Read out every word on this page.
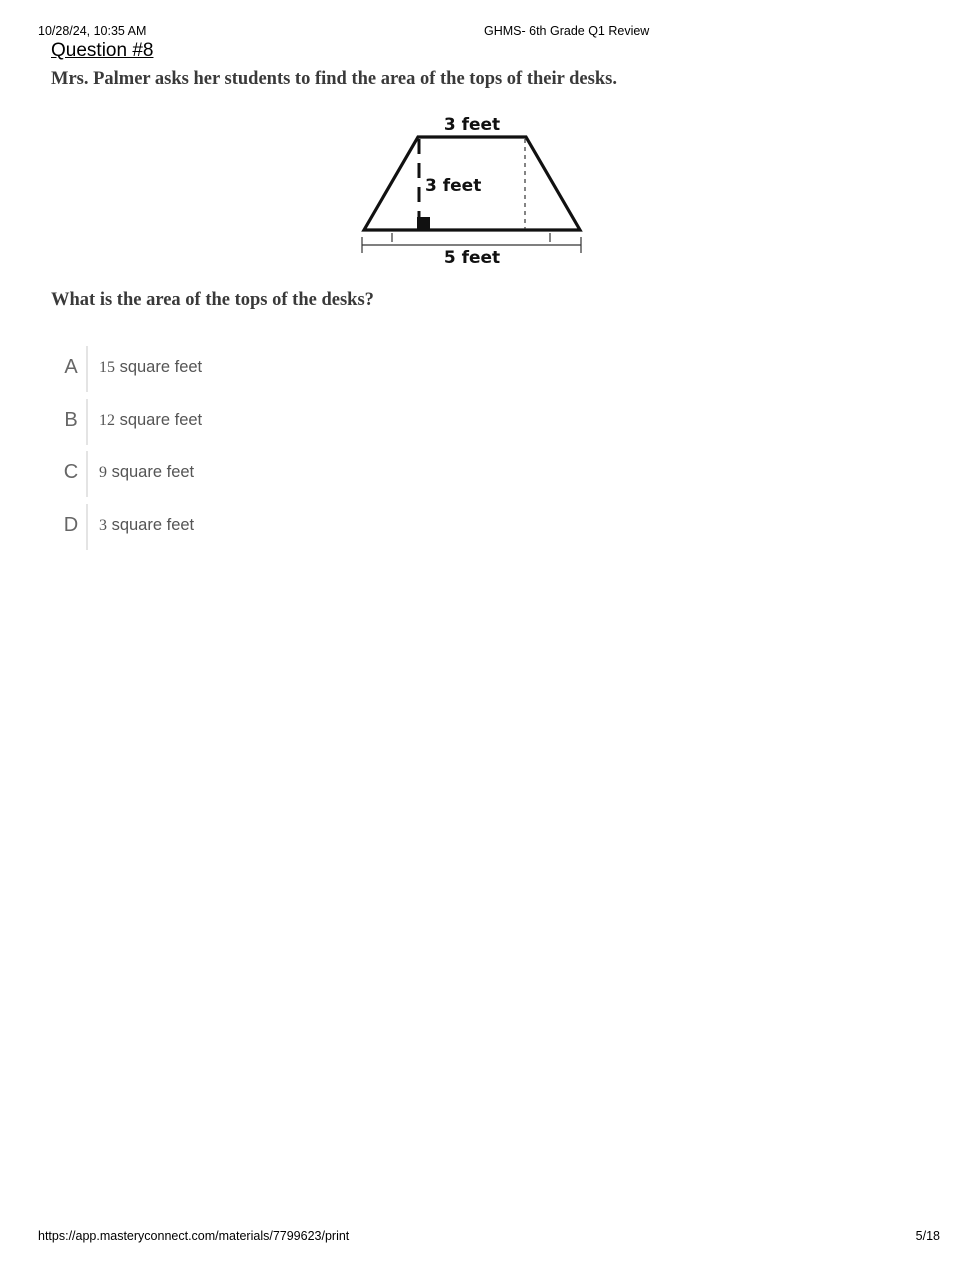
10/28/24, 10:35 AM	GHMS- 6th Grade Q1 Review
Question #8
Mrs. Palmer asks her students to find the area of the tops of their desks.
3 feet
3 feet
5 feet
What is the area of the tops of the desks?
A	15 square feet
B	12 square feet
C	9 square feet
D	3 square feet
https://app.masteryconnect.com/materials/7799623/print	5/18
